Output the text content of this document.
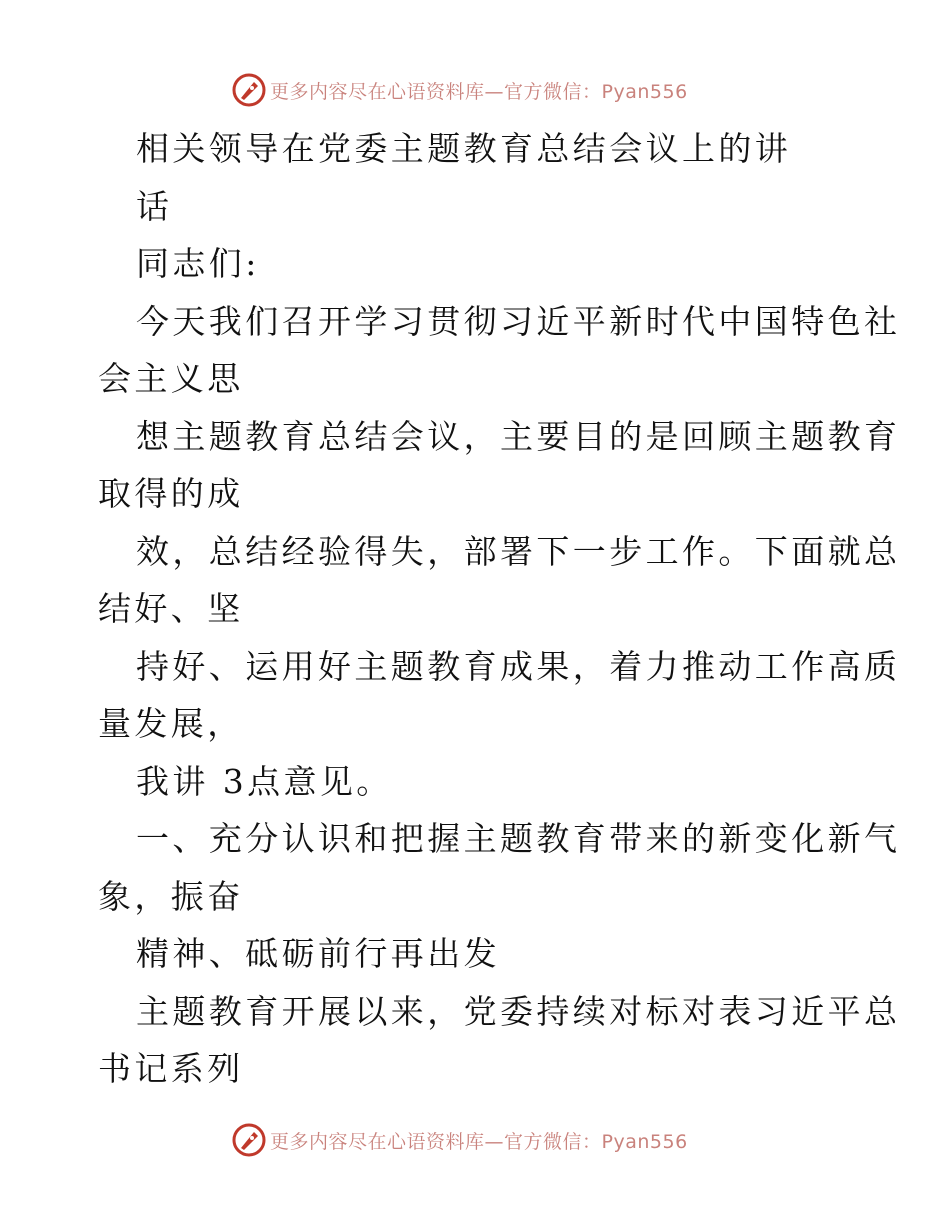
更多内容尽在心语资料库—官方微信：Pyan556
相关领导在党委主题教育总结会议上的讲
话
同志们:
今天我们召开学习贯彻习近平新时代中国特色社
会主义思
想主题教育总结会议，主要目的是回顾主题教育
取得的成
效，总结经验得失，部署下一步工作。下面就总
结好、坚
持好、运用好主题教育成果，着力推动工作高质
量发展，
我讲 3点意见。
一、充分认识和把握主题教育带来的新变化新气
象，振奋
精神、砥砺前行再出发
主题教育开展以来，党委持续对标对表习近平总
书记系列
更多内容尽在心语资料库—官方微信：Pyan556
